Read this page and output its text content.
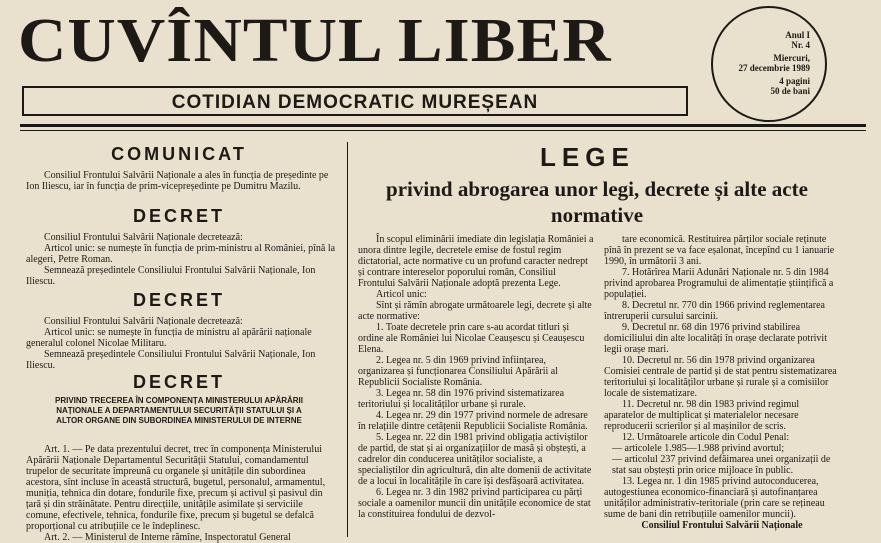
CUVÎNTUL LIBER
COTIDIAN DEMOCRATIC MUREȘEAN
Anul I
Nr. 4
Miercuri,
27 decembrie 1989
4 pagini
50 de bani
COMUNICAT

Consiliul Frontului Salvării Naționale a ales în funcția de președinte pe Ion Iliescu, iar în funcția de prim-vicepreședinte pe Dumitru Mazilu.

DECRET

Consiliul Frontului Salvării Naționale decretează:

Articol unic: se numește în funcția de prim-ministru al României, pînă la alegeri, Petre Roman.

Semnează președintele Consiliului Frontului Salvării Naționale, Ion Iliescu.

DECRET

Consiliul Frontului Salvării Naționale decretează:

Articol unic: se numește în funcția de ministru al apărării naționale generalul colonel Nicolae Militaru.

Semnează președintele Consiliului Frontului Salvării Naționale, Ion Iliescu.

DECRET
PRIVIND TRECEREA ÎN COMPONENȚA MINISTERULUI APĂRĂRII NAȚIONALE A DEPARTAMENTULUI SECURITĂȚII STATULUI ȘI A ALTOR ORGANE DIN SUBORDINEA MINISTERULUI DE INTERNE

Art. 1. — Pe data prezentului decret, trec în componența Ministerului Apărării Naționale Departamentul Securității Statului, comandamentul trupelor de securitate împreună cu organele și unitățile din subordinea acestora, sînt incluse în această structură, bugetul, personalul, armamentul, muniția, tehnica din dotare, fondurile fixe, precum și activul și pasivul din țară și din străinătate. Pentru direcțiile, unitățile asimilate și serviciile comune, efectivele, tehnica, fondurile fixe, precum și bugetul se defalcă proporțional cu atribuțiile ce le îndeplinesc.

Art. 2. — Ministerul de Interne rămîne, Inspectoratul General

LEGE
privind abrogarea unor legi, decrete și alte acte normative

În scopul eliminării imediate din legislația României a unora dintre legile, decretele emise de fostul regim dictatorial, acte normative cu un profund caracter nedrept și contrare intereselor poporului român, Consiliul Frontului Salvării Naționale adoptă prezenta Lege.

Articol unic:

Sînt și rămîn abrogate următoarele legi, decrete și alte acte normative:

1. Toate decretele prin care s-au acordat titluri și ordine ale României lui Nicolae Ceaușescu și Ceaușescu Elena.

2. Legea nr. 5 din 1969 privind înființarea, organizarea și funcționarea Consiliului Apărării al Republicii Socialiste România.

3. Legea nr. 58 din 1976 privind sistematizarea teritoriului și localităților urbane și rurale.

4. Legea nr. 29 din 1977 privind normele de adresare în relațiile dintre cetățenii Republicii Socialiste România.

5. Legea nr. 22 din 1981 privind obligația activiștilor de partid, de stat și ai organizațiilor de masă și obștești, a cadrelor din conducerea unităților socialiste, a specialiștilor din agricultură, din alte domenii de activitate de a locui în localitățile în care își desfășoară activitatea.

6. Legea nr. 3 din 1982 privind participarea cu părți sociale a oamenilor muncii din unitățile economice de stat la constituirea fondului de dezvol-

tare economică. Restituirea părților sociale reținute pînă în prezent se va face eșalonat, începînd cu 1 ianuarie 1990, în următorii 3 ani.

7. Hotărîrea Marii Adunări Naționale nr. 5 din 1984 privind aprobarea Programului de alimentație științifică a populației.

8. Decretul nr. 770 din 1966 privind reglementarea întreruperii cursului sarcinii.

9. Decretul nr. 68 din 1976 privind stabilirea domiciliului din alte localități în orașe declarate potrivit legii orașe mari.

10. Decretul nr. 56 din 1978 privind organizarea Comisiei centrale de partid și de stat pentru sistematizarea teritoriului și localităților urbane și rurale și a comisiilor locale de sistematizare.

11. Decretul nr. 98 din 1983 privind regimul aparatelor de multiplicat și materialelor necesare reproducerii scrierilor și al mașinilor de scris.

12. Următoarele articole din Codul Penal:

— articolele 1.985—1.988 privind avortul;

— articolul 237 privind defăimarea unei organizații de stat sau obștești prin orice mijloace în public.

13. Legea nr. 1 din 1985 privind autoconducerea, autogestiunea economico-financiară și autofinanțarea unităților administrativ-teritoriale (prin care se rețineau sume de bani din retribuțiile oamenilor muncii).

Consiliul Frontului Salvării Naționale
